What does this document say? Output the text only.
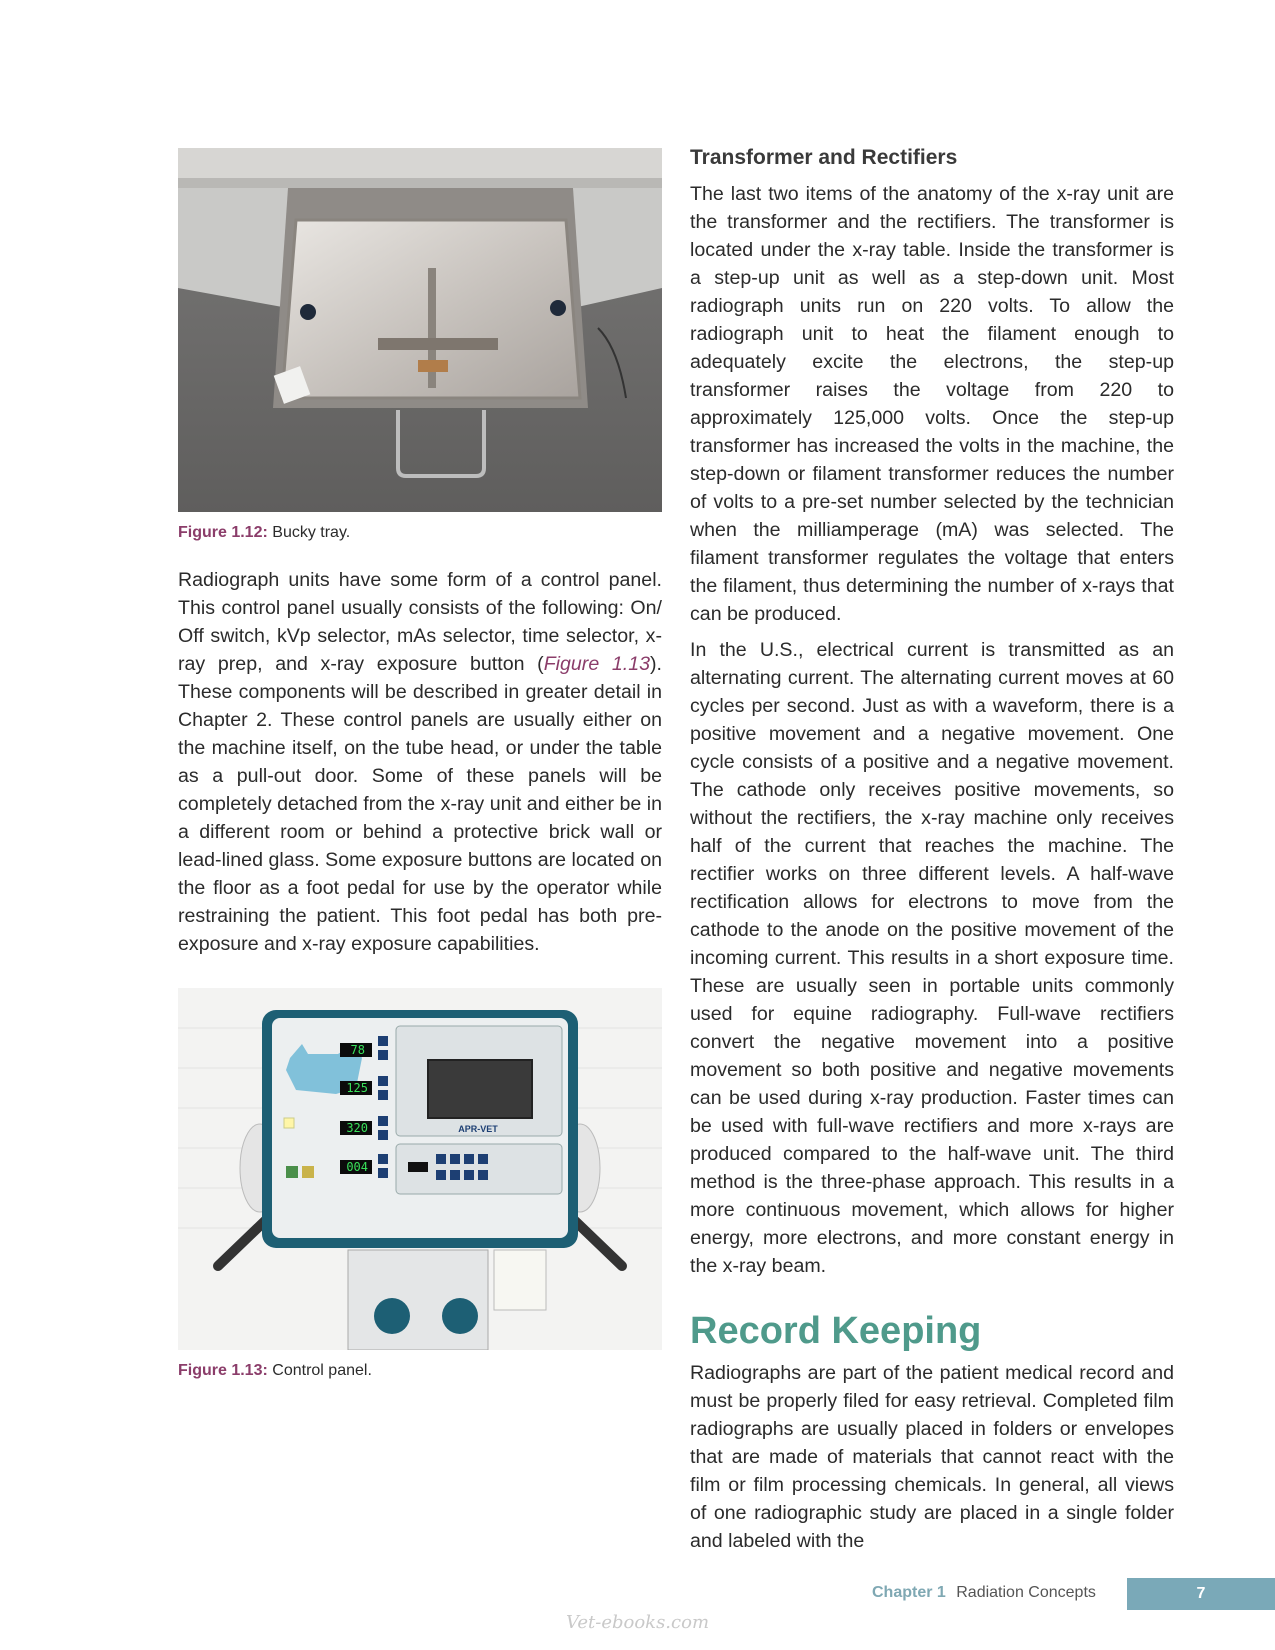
Figure 1.12: Bucky tray.

Radiograph units have some form of a control panel. This control panel usually consists of the following: On/ Off switch, kVp selector, mAs selector, time selector, x-ray prep, and x-ray exposure button (Figure 1.13). These components will be described in greater detail in Chapter 2. These control panels are usually either on the machine itself, on the tube head, or under the table as a pull-out door. Some of these panels will be completely detached from the x-ray unit and either be in a different room or behind a protective brick wall or lead-lined glass. Some exposure buttons are located on the floor as a foot pedal for use by the operator while restraining the patient. This foot pedal has both pre-exposure and x-ray exposure capabilities.

78
125
320
004
APR-VET
Figure 1.13: Control panel.
Transformer and Rectifiers

The last two items of the anatomy of the x-ray unit are the transformer and the rectifiers. The transformer is located under the x-ray table. Inside the transformer is a step-up unit as well as a step-down unit. Most radiograph units run on 220 volts. To allow the radiograph unit to heat the filament enough to adequately excite the electrons, the step-up transformer raises the voltage from 220 to approximately 125,000 volts. Once the step-up transformer has increased the volts in the machine, the step-down or filament transformer reduces the number of volts to a pre-set number selected by the technician when the milliamperage (mA) was selected. The filament transformer regulates the voltage that enters the filament, thus determining the number of x-rays that can be produced.

In the U.S., electrical current is transmitted as an alternating current. The alternating current moves at 60 cycles per second. Just as with a waveform, there is a positive movement and a negative movement. One cycle consists of a positive and a negative movement. The cathode only receives positive movements, so without the rectifiers, the x-ray machine only receives half of the current that reaches the machine. The rectifier works on three different levels. A half-wave rectification allows for electrons to move from the cathode to the anode on the positive movement of the incoming current. This results in a short exposure time. These are usually seen in portable units commonly used for equine radiography. Full-wave rectifiers convert the negative movement into a positive movement so both positive and negative movements can be used during x-ray production. Faster times can be used with full-wave rectifiers and more x-rays are produced compared to the half-wave unit. The third method is the three-phase approach. This results in a more continuous movement, which allows for higher energy, more electrons, and more constant energy in the x-ray beam.

Record Keeping

Radiographs are part of the patient medical record and must be properly filed for easy retrieval. Completed film radiographs are usually placed in folders or envelopes that are made of materials that cannot react with the film or film processing chemicals. In general, all views of one radiographic study are placed in a single folder and labeled with the

Chapter 1 Radiation Concepts	7
Vet-ebooks.com
